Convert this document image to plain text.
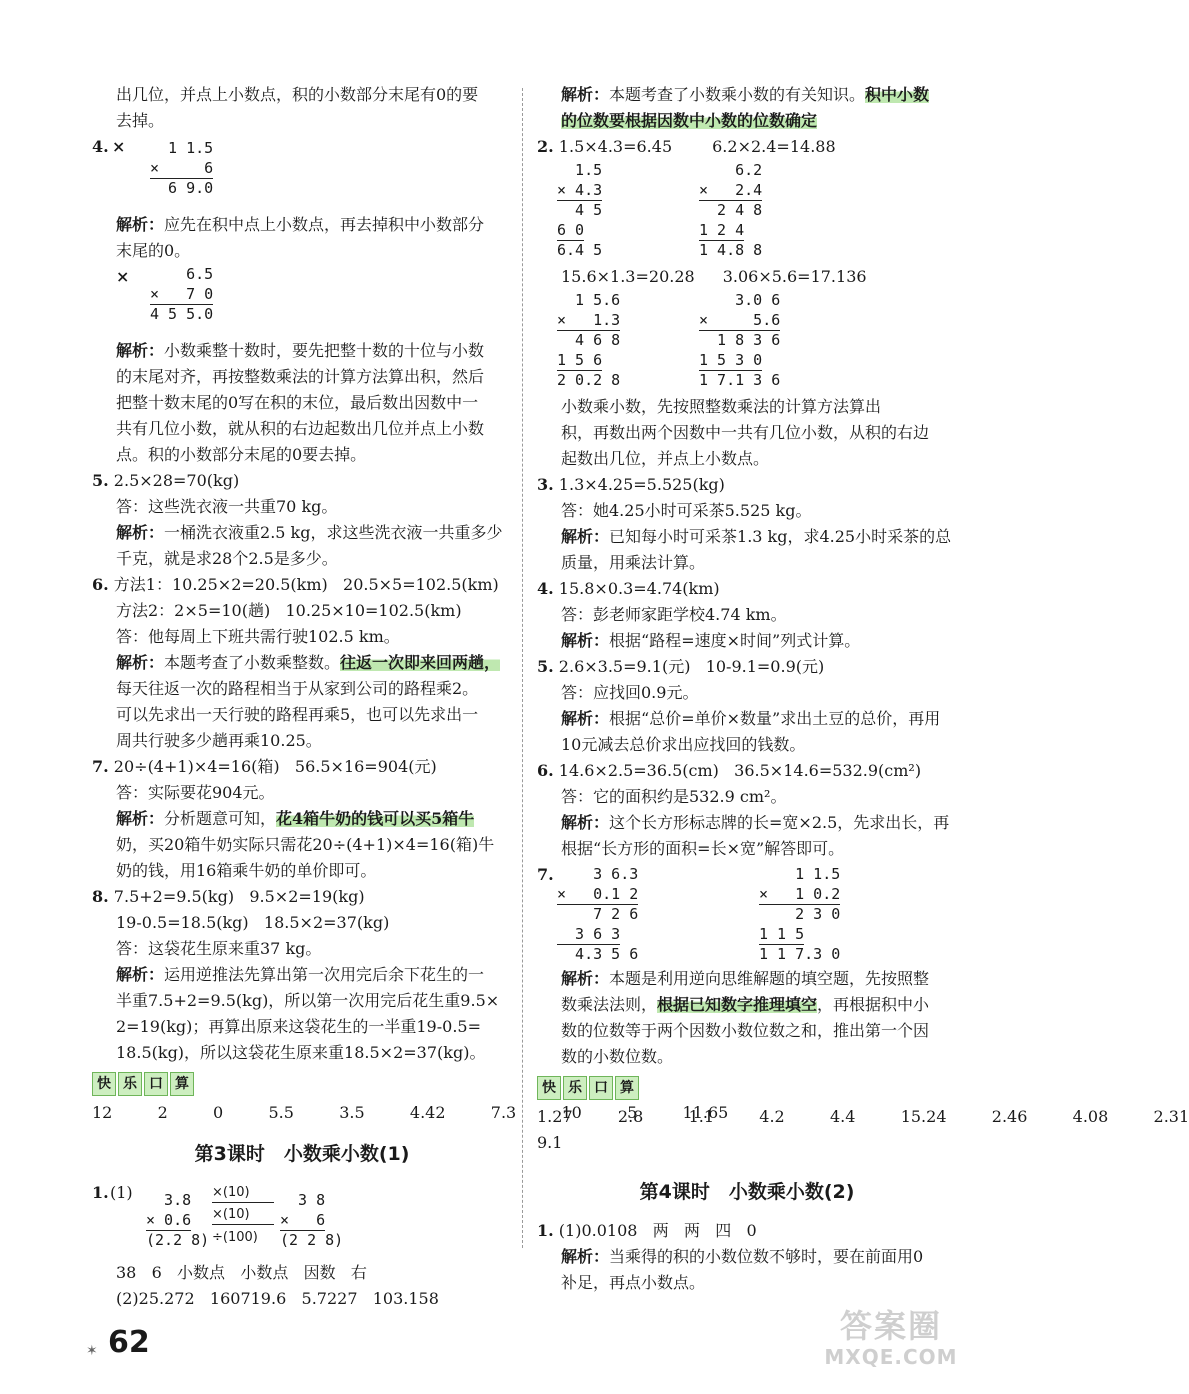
出几位，并点上小数点，积的小数部分末尾有0的要
去掉。
4. × 1 1.5
×     6
6 9.0
解析：应先在积中点上小数点，再去掉积中小数部分
末尾的0。
× 6.5
×   7 0
4 5 5.0
解析：小数乘整十数时，要先把整十数的十位与小数
的末尾对齐，再按整数乘法的计算方法算出积，然后
把整十数末尾的0写在积的末位，最后数出因数中一
共有几位小数，就从积的右边起数出几位并点上小数
点。积的小数部分末尾的0要去掉。
5. 2.5×28=70(kg)
答：这些洗衣液一共重70 kg。
解析：一桶洗衣液重2.5 kg，求这些洗衣液一共重多少
千克，就是求28个2.5是多少。
6. 方法1：10.25×2=20.5(km)   20.5×5=102.5(km)
方法2：2×5=10(趟)   10.25×10=102.5(km)
答：他每周上下班共需行驶102.5 km。
解析：本题考查了小数乘整数。往返一次即来回两趟，
每天往返一次的路程相当于从家到公司的路程乘2。
可以先求出一天行驶的路程再乘5，也可以先求出一
周共行驶多少趟再乘10.25。
7. 20÷(4+1)×4=16(箱)   56.5×16=904(元)
答：实际要花904元。
解析：分析题意可知，花4箱牛奶的钱可以买5箱牛
奶，买20箱牛奶实际只需花20÷(4+1)×4=16(箱)牛
奶的钱，用16箱乘牛奶的单价即可。
8. 7.5+2=9.5(kg)   9.5×2=19(kg)
19-0.5=18.5(kg)   18.5×2=37(kg)
答：这袋花生原来重37 kg。
解析：运用逆推法先算出第一次用完后余下花生的一
半重7.5+2=9.5(kg)，所以第一次用完后花生重9.5×
2=19(kg)；再算出原来这袋花生的一半重19-0.5=
18.5(kg)，所以这袋花生原来重18.5×2=37(kg)。
快 乐 口 算
12   2   0   5.5   3.5   4.42   7.3   10   5   11.65
第3课时　小数乘小数(1)
1. (1) 3.8
× 0.6
(2.2 8)
×(10)
×(10)
÷(100)
3 8
×   6
(2 2 8)
38   6   小数点   小数点   因数   右
(2)25.272   160719.6   5.7227   103.158
解析：本题考查了小数乘小数的有关知识。积中小数
的位数要根据因数中小数的位数确定
2. 1.5×4.3=6.45	6.2×2.4=14.88
1.5
× 4.3
4 5
6 0
6.4 5
6.2
×   2.4
2 4 8
1 2 4
1 4.8 8
15.6×1.3=20.28 3.06×5.6=17.136
1 5.6
×   1.3
4 6 8
1 5 6
2 0.2 8
3.0 6
×     5.6
1 8 3 6
1 5 3 0
1 7.1 3 6
小数乘小数，先按照整数乘法的计算方法算出
积，再数出两个因数中一共有几位小数，从积的右边
起数出几位，并点上小数点。
3. 1.3×4.25=5.525(kg)
答：她4.25小时可采茶5.525 kg。
解析：已知每小时可采茶1.3 kg，求4.25小时采茶的总
质量，用乘法计算。
4. 15.8×0.3=4.74(km)
答：彭老师家距学校4.74 km。
解析：根据“路程=速度×时间”列式计算。
5. 2.6×3.5=9.1(元)   10-9.1=0.9(元)
答：应找回0.9元。
解析：根据“总价=单价×数量”求出土豆的总价，再用
10元减去总价求出应找回的钱数。
6. 14.6×2.5=36.5(cm)   36.5×14.6=532.9(cm²)
答：它的面积约是532.9 cm²。
解析：这个长方形标志牌的长=宽×2.5，先求出长，再
根据“长方形的面积=长×宽”解答即可。
7. 3 6.3
×   0.1 2
7 2 6
3 6 3
4.3 5 6
1 1.5
×   1 0.2
2 3 0
1 1 5
1 1 7.3 0
解析：本题是利用逆向思维解题的填空题，先按照整
数乘法法则，根据已知数字推理填空，再根据积中小
数的位数等于两个因数小数位数之和，推出第一个因
数的小数位数。
快 乐 口 算
1.27   2.8   1.1   4.2   4.4   15.24   2.46   4.08   2.31
9.1
第4课时　小数乘小数(2)
1. (1)0.0108   两   两   四   0
解析：当乘得的积的小数位数不够时，要在前面用0
补足，再点小数点。
✶ 62	答案圈
MXQE.COM
